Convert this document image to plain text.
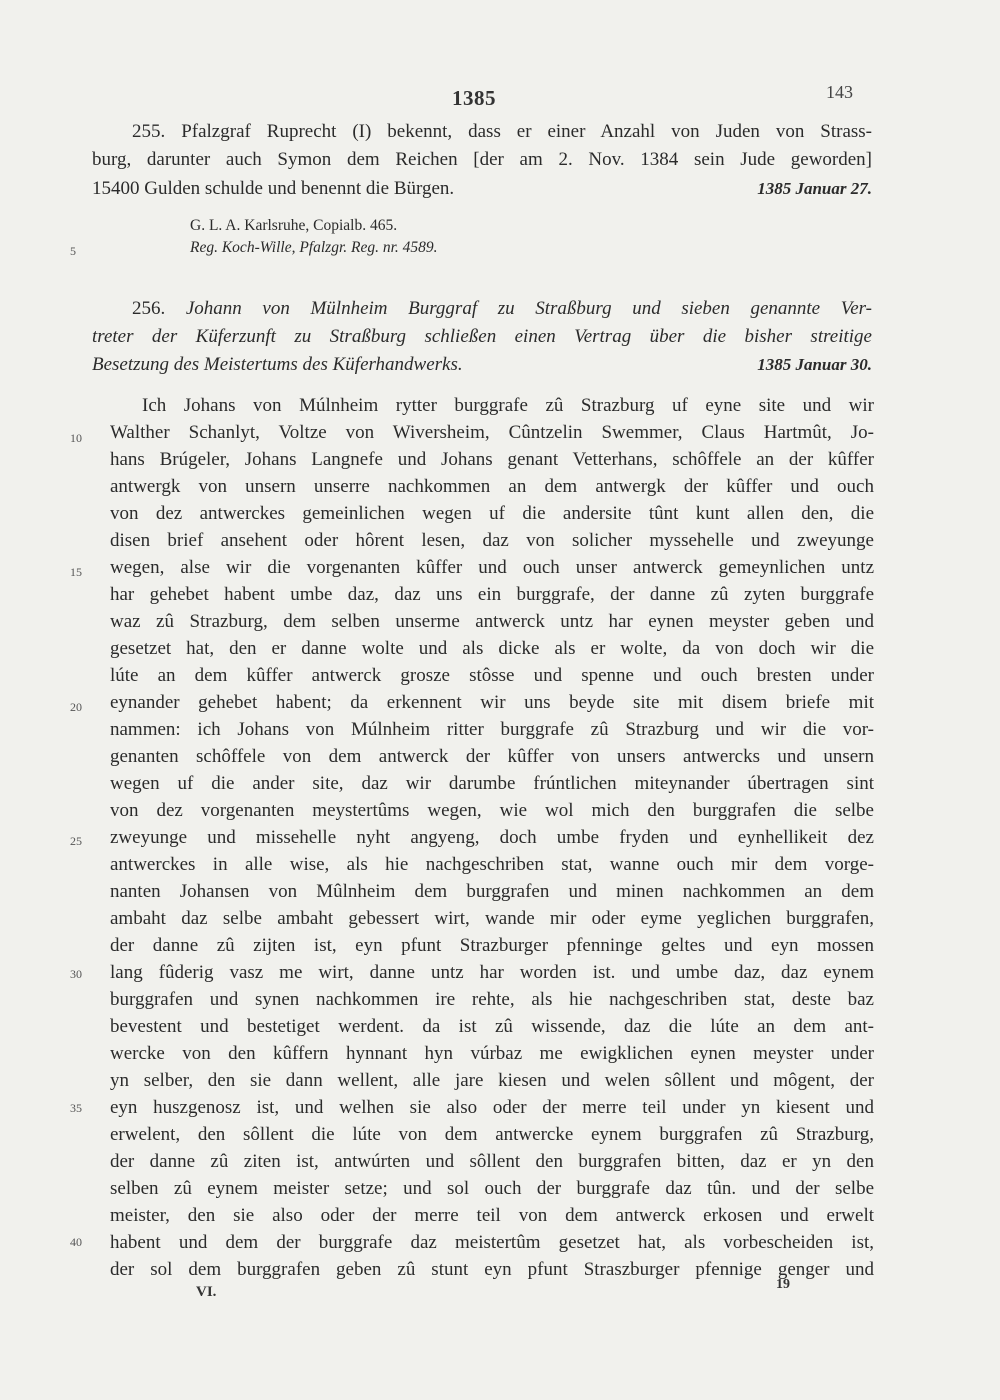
1385	143
255. Pfalzgraf Ruprecht (I) bekennt, dass er einer Anzahl von Juden von Strass-
burg, darunter auch Symon dem Reichen [der am 2. Nov. 1384 sein Jude geworden]
15400 Gulden schulde und benennt die Bürgen.	1385 Januar 27.
G. L. A. Karlsruhe, Copialb. 465.
Reg. Koch-Wille, Pfalzgr. Reg. nr. 4589.
256. Johann von Mülnheim Burggraf zu Straßburg und sieben genannte Ver-
treter der Küferzunft zu Straßburg schließen einen Vertrag über die bisher streitige
Besetzung des Meistertums des Küferhandwerks.	1385 Januar 30.
5
10
15
20
25
30
35
40
Ich Johans von Múlnheim rytter burggrafe zû Strazburg uf eyne site und wir
Walther Schanlyt, Voltze von Wiversheim, Cûntzelin Swemmer, Claus Hartmût, Jo-
hans Brúgeler, Johans Langnefe und Johans genant Vetterhans, schôffele an der kûffer
antwergk von unsern unserre nachkommen an dem antwergk der kûffer und ouch
von dez antwerckes gemeinlichen wegen uf die andersite tûnt kunt allen den, die
disen brief ansehent oder hôrent lesen, daz von solicher myssehelle und zweyunge
wegen, alse wir die vorgenanten kûffer und ouch unser antwerck gemeynlichen untz
har gehebet habent umbe daz, daz uns ein burggrafe, der danne zû zyten burggrafe
waz zû Strazburg, dem selben unserme antwerck untz har eynen meyster geben und
gesetzet hat, den er danne wolte und als dicke als er wolte, da von doch wir die
lúte an dem kûffer antwerck grosze stôsse und spenne und ouch bresten under
eynander gehebet habent; da erkennent wir uns beyde site mit disem briefe mit
nammen: ich Johans von Múlnheim ritter burggrafe zû Strazburg und wir die vor-
genanten schôffele von dem antwerck der kûffer von unsers antwercks und unsern
wegen uf die ander site, daz wir darumbe frúntlichen miteynander úbertragen sint
von dez vorgenanten meystertûms wegen, wie wol mich den burggrafen die selbe
zweyunge und missehelle nyht angyeng, doch umbe fryden und eynhellikeit dez
antwerckes in alle wise, als hie nachgeschriben stat, wanne ouch mir dem vorge-
nanten Johansen von Mûlnheim dem burggrafen und minen nachkommen an dem
ambaht daz selbe ambaht gebessert wirt, wande mir oder eyme yeglichen burggrafen,
der danne zû zijten ist, eyn pfunt Strazburger pfenninge geltes und eyn mossen
lang fûderig vasz me wirt, danne untz har worden ist. und umbe daz, daz eynem
burggrafen und synen nachkommen ire rehte, als hie nachgeschriben stat, deste baz
bevestent und bestetiget werdent. da ist zû wissende, daz die lúte an dem ant-
wercke von den kûffern hynnant hyn vúrbaz me ewigklichen eynen meyster under
yn selber, den sie dann wellent, alle jare kiesen und welen sôllent und môgent, der
eyn huszgenosz ist, und welhen sie also oder der merre teil under yn kiesent und
erwelent, den sôllent die lúte von dem antwercke eynem burggrafen zû Strazburg,
der danne zû ziten ist, antwúrten und sôllent den burggrafen bitten, daz er yn den
selben zû eynem meister setze; und sol ouch der burggrafe daz tûn. und der selbe
meister, den sie also oder der merre teil von dem antwerck erkosen und erwelt
habent und dem der burggrafe daz meistertûm gesetzet hat, als vorbescheiden ist,
der sol dem burggrafen geben zû stunt eyn pfunt Straszburger pfennige genger und
VI.	19
